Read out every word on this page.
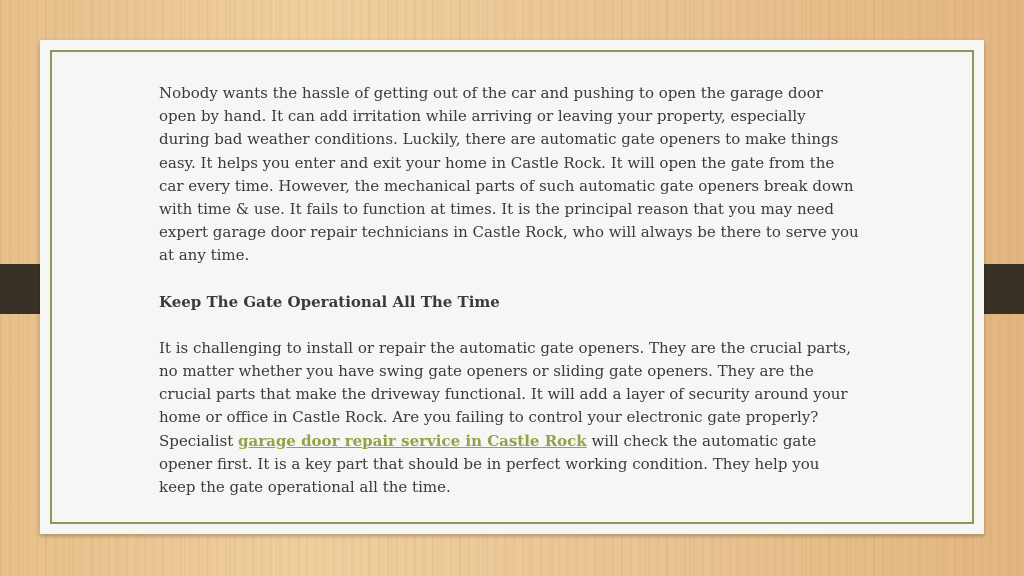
Nobody wants the hassle of getting out of the car and pushing to open the garage door open by hand. It can add irritation while arriving or leaving your property, especially during bad weather conditions. Luckily, there are automatic gate openers to make things easy. It helps you enter and exit your home in Castle Rock. It will open the gate from the car every time. However, the mechanical parts of such automatic gate openers break down with time & use. It fails to function at times. It is the principal reason that you may need expert garage door repair technicians in Castle Rock, who will always be there to serve you at any time.

Keep The Gate Operational All The Time

It is challenging to install or repair the automatic gate openers. They are the crucial parts, no matter whether you have swing gate openers or sliding gate openers. They are the crucial parts that make the driveway functional. It will add a layer of security around your home or office in Castle Rock. Are you failing to control your electronic gate properly? Specialist garage door repair service in Castle Rock will check the automatic gate opener first. It is a key part that should be in perfect working condition. They help you keep the gate operational all the time.
